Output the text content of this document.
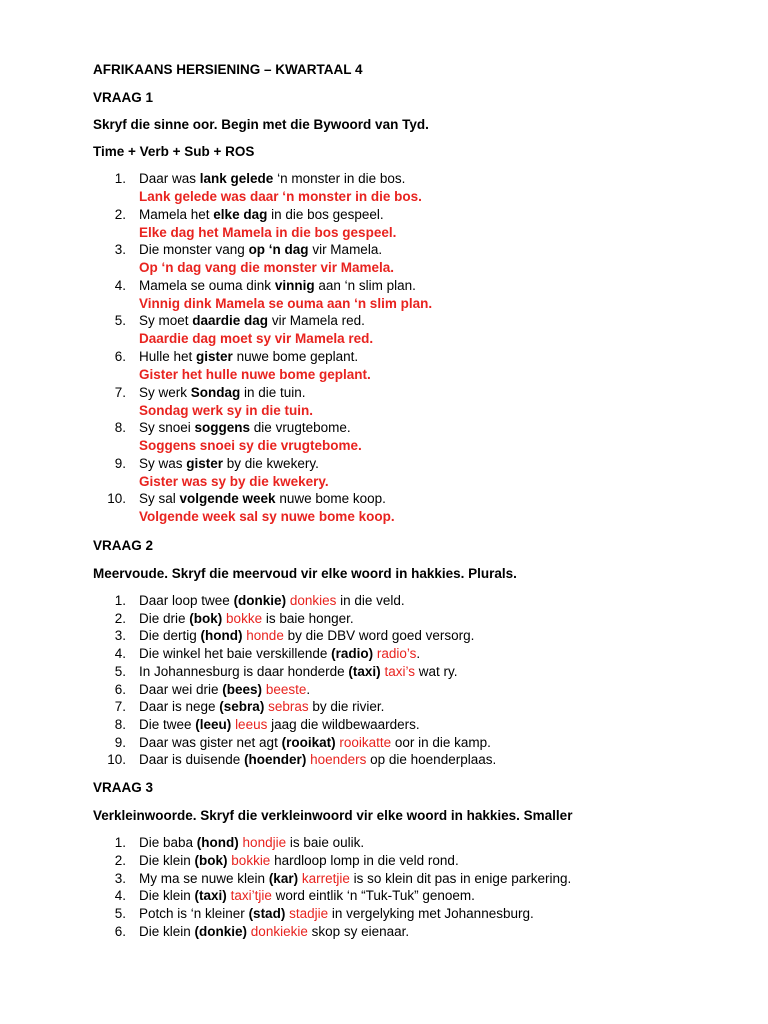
AFRIKAANS HERSIENING – KWARTAAL 4
VRAAG 1
Skryf die sinne oor. Begin met die Bywoord van Tyd.
Time + Verb + Sub + ROS
1. Daar was lank gelede ‘n monster in die bos.
Lank gelede was daar ‘n monster in die bos.
2. Mamela het elke dag in die bos gespeel.
Elke dag het Mamela in die bos gespeel.
3. Die monster vang op ‘n dag vir Mamela.
Op ‘n dag vang die monster vir Mamela.
4. Mamela se ouma dink vinnig aan ‘n slim plan.
Vinnig dink Mamela se ouma aan ‘n slim plan.
5. Sy moet daardie dag vir Mamela red.
Daardie dag moet sy vir Mamela red.
6. Hulle het gister nuwe bome geplant.
Gister het hulle nuwe bome geplant.
7. Sy werk Sondag in die tuin.
Sondag werk sy in die tuin.
8. Sy snoei soggens die vrugtebome.
Soggens snoei sy die vrugtebome.
9. Sy was gister by die kwekery.
Gister was sy by die kwekery.
10. Sy sal volgende week nuwe bome koop.
Volgende week sal sy nuwe bome koop.
VRAAG 2
Meervoude. Skryf die meervoud vir elke woord in hakkies. Plurals.
1. Daar loop twee (donkie) donkies in die veld.
2. Die drie (bok) bokke is baie honger.
3. Die dertig (hond) honde by die DBV word goed versorg.
4. Die winkel het baie verskillende (radio) radio’s.
5. In Johannesburg is daar honderde (taxi) taxi’s wat ry.
6. Daar wei drie (bees) beeste.
7. Daar is nege (sebra) sebras by die rivier.
8. Die twee (leeu) leeus jaag die wildbewaarders.
9. Daar was gister net agt (rooikat) rooikatte oor in die kamp.
10. Daar is duisende (hoender) hoenders op die hoenderplaas.
VRAAG 3
Verkleinwoorde. Skryf die verkleinwoord vir elke woord in hakkies. Smaller
1. Die baba (hond) hondjie is baie oulik.
2. Die klein (bok) bokkie hardloop lomp in die veld rond.
3. My ma se nuwe klein (kar) karretjie is so klein dit pas in enige parkering.
4. Die klein (taxi) taxi’tjie word eintlik ‘n “Tuk-Tuk” genoem.
5. Potch is ‘n kleiner (stad) stadjie in vergelyking met Johannesburg.
6. Die klein (donkie) donkiekie skop sy eienaar.
